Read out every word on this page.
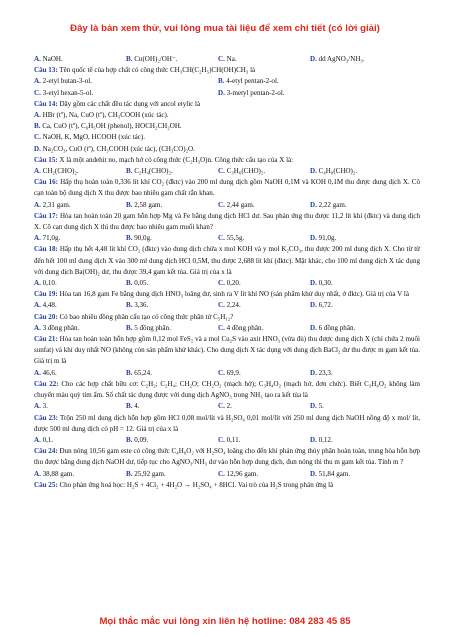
Đây là bản xem thử, vui lòng mua tài liệu để xem chi tiết (có lời giải)
A. NaOH.	B. Cu(OH)₂/OH⁻.	C. Na.	D. dd AgNO₃/NH₃.

Câu 13: Tên quốc tế của hợp chất có công thức CH₃CH(C₂H₅)CH(OH)CH₃ là

A. 2-etyl butan-3-ol.	B. 4-etyl pentan-2-ol.
C. 3-etyl hexan-5-ol.	D. 3-metyl pentan-2-ol.

Câu 14: Dãy gồm các chất đều tác dụng với ancol etylic là

A. HBr (tº), Na, CuO (tº), CH₃COOH (xúc tác).
B. Ca, CuO (tº), C₆H₅OH (phenol), HOCH₂CH₂OH.
C. NaOH, K, MgO, HCOOH (xúc tác).
D. Na₂CO₃, CuO (tº), CH₃COOH (xúc tác), (CH₃CO)₂O.

Câu 15: X là một andehit no, mạch hở có công thức (C₂H₃O)n. Công thức cấu tạo của X là:

A. CH₂(CHO)₂.	B. C₂H₄(CHO)₂.	C. C₃H₆(CHO)₂.	D. C₄H₈(CHO)₂.

Câu 16: Hấp thụ hoàn toàn 0,336 lít khí CO₂ (đktc) vào 200 ml dung dịch gồm NaOH 0,1M và KOH 0,1M thu được dung dịch X. Cô cạn toàn bộ dung dịch X thu được bao nhiêu gam chất rắn khan.

A. 2,31 gam.	B. 2,58 gam.	C. 2,44 gam.	D. 2,22 gam.

Câu 17: Hòa tan hoàn toàn 20 gam hỗn hợp Mg và Fe bằng dung dịch HCl dư. Sau phản ứng thu được 11,2 lít khí (đktc) và dung dịch X. Cô cạn dung dịch X thì thu được bao nhiêu gam muối khan?

A. 71,0g.	B. 90,0g.	C. 55,5g.	D. 91,0g.

Câu 18: Hấp thụ hết 4,48 lít khí CO₂ (đktc) vào dung dịch chứa x mol KOH và y mol K₂CO₃, thu được 200 ml dung dịch X. Cho từ từ đến hết 100 ml dung dịch X vào 300 ml dung dịch HCl 0,5M, thu được 2,688 lít khí (đktc). Mặt khác, cho 100 ml dung dịch X tác dụng với dung dịch Ba(OH)₂ dư, thu được 39,4 gam kết tủa. Giá trị của x là

A. 0,10.	B. 0,05.	C. 0,20.	D. 0,30.

Câu 19: Hòa tan 16,8 gam Fe bằng dung dịch HNO₃ loãng dư, sinh ra V lít khí NO (sản phẩm khử duy nhất, ở đktc). Giá trị của V là

A. 4,48.	B. 3,36.	C. 2,24.	D. 6,72.

Câu 20: Có bao nhiêu đồng phân cấu tạo có công thức phân tử C₅H₁₂?

A. 3 đồng phân.	B. 5 đồng phân.	C. 4 đồng phân.	D. 6 đồng phân.

Câu 21: Hòa tan hoàn toàn hỗn hợp gồm 0,12 mol FeS₂ và a mol Cu₂S vào axit HNO₃ (vừa đủ) thu được dung dịch X (chỉ chứa 2 muối sunfat) và khí duy nhất NO (không còn sản phẩm khử khác). Cho dung dịch X tác dụng với dung dịch BaCl₂ dư thu được m gam kết tủa. Giá trị m là

A. 46,6.	B. 65,24.	C. 69,9.	D. 23,3.

Câu 22: Cho các hợp chất hữu cơ: C₂H₂; C₂H₄; CH₂O; CH₂O₂ (mạch hở); C₃H₄O₂ (mạch hở, đơn chức). Biết C₃H₄O₂ không làm chuyển màu quỳ tím ẩm. Số chất tác dụng được với dung dịch AgNO₃ trong NH₃ tạo ra kết tủa là

A. 3.	B. 4.	C. 2.	D. 5.

Câu 23: Trộn 250 ml dung dịch hỗn hợp gồm HCl 0,08 mol/lít và H₂SO₄ 0,01 mol/lít với 250 ml dung dịch NaOH nồng độ x mol/ lít, được 500 ml dung dịch có pH = 12. Giá trị của x là

A. 0,1.	B. 0,09.	C. 0,11.	D. 0,12.

Câu 24: Đun nóng 10,56 gam este có công thức C₄H₈O₂ với H₂SO₄ loãng cho đến khi phản ứng thủy phân hoàn toàn, trung hòa hỗn hợp thu được bằng dung dịch NaOH dư, tiếp tục cho AgNO₃/NH₃ dư vào hỗn hợp dung dịch, đun nóng thì thu m gam kết tủa. Tính m ?

A. 38,88 gam.	B. 25,92 gam.	C. 12,96 gam.	D. 51,84 gam.

Câu 25: Cho phản ứng hoá học: H₂S + 4Cl₂ + 4H₂O → H₂SO₄ + 8HCl. Vai trò của H₂S trong phản ứng là

Mọi thắc mắc vui lòng xin liên hệ hotline: 084 283 45 85
